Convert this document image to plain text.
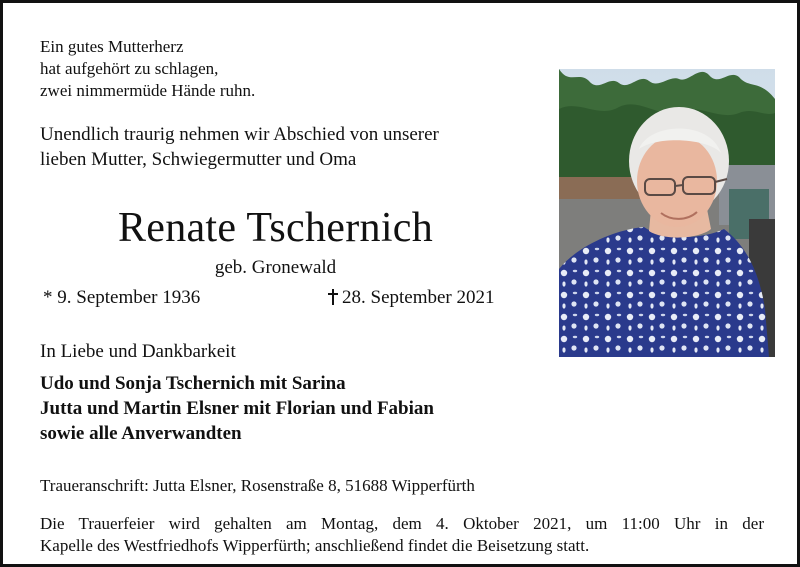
Ein gutes Mutterherz
hat aufgehört zu schlagen,
zwei nimmermüde Hände ruhn.
Unendlich traurig nehmen wir Abschied von unserer
lieben Mutter, Schwiegermutter und Oma
Renate Tschernich
geb. Gronewald
* 9. September 1936	28. September 2021
In Liebe und Dankbarkeit
Udo und Sonja Tschernich mit Sarina
Jutta und Martin Elsner mit Florian und Fabian
sowie alle Anverwandten
Traueranschrift: Jutta Elsner, Rosenstraße 8, 51688 Wipperfürth
Die Trauerfeier wird gehalten am Montag, dem 4. Oktober 2021, um 11:00 Uhr in der
Kapelle des Westfriedhofs Wipperfürth; anschließend findet die Beisetzung statt.
